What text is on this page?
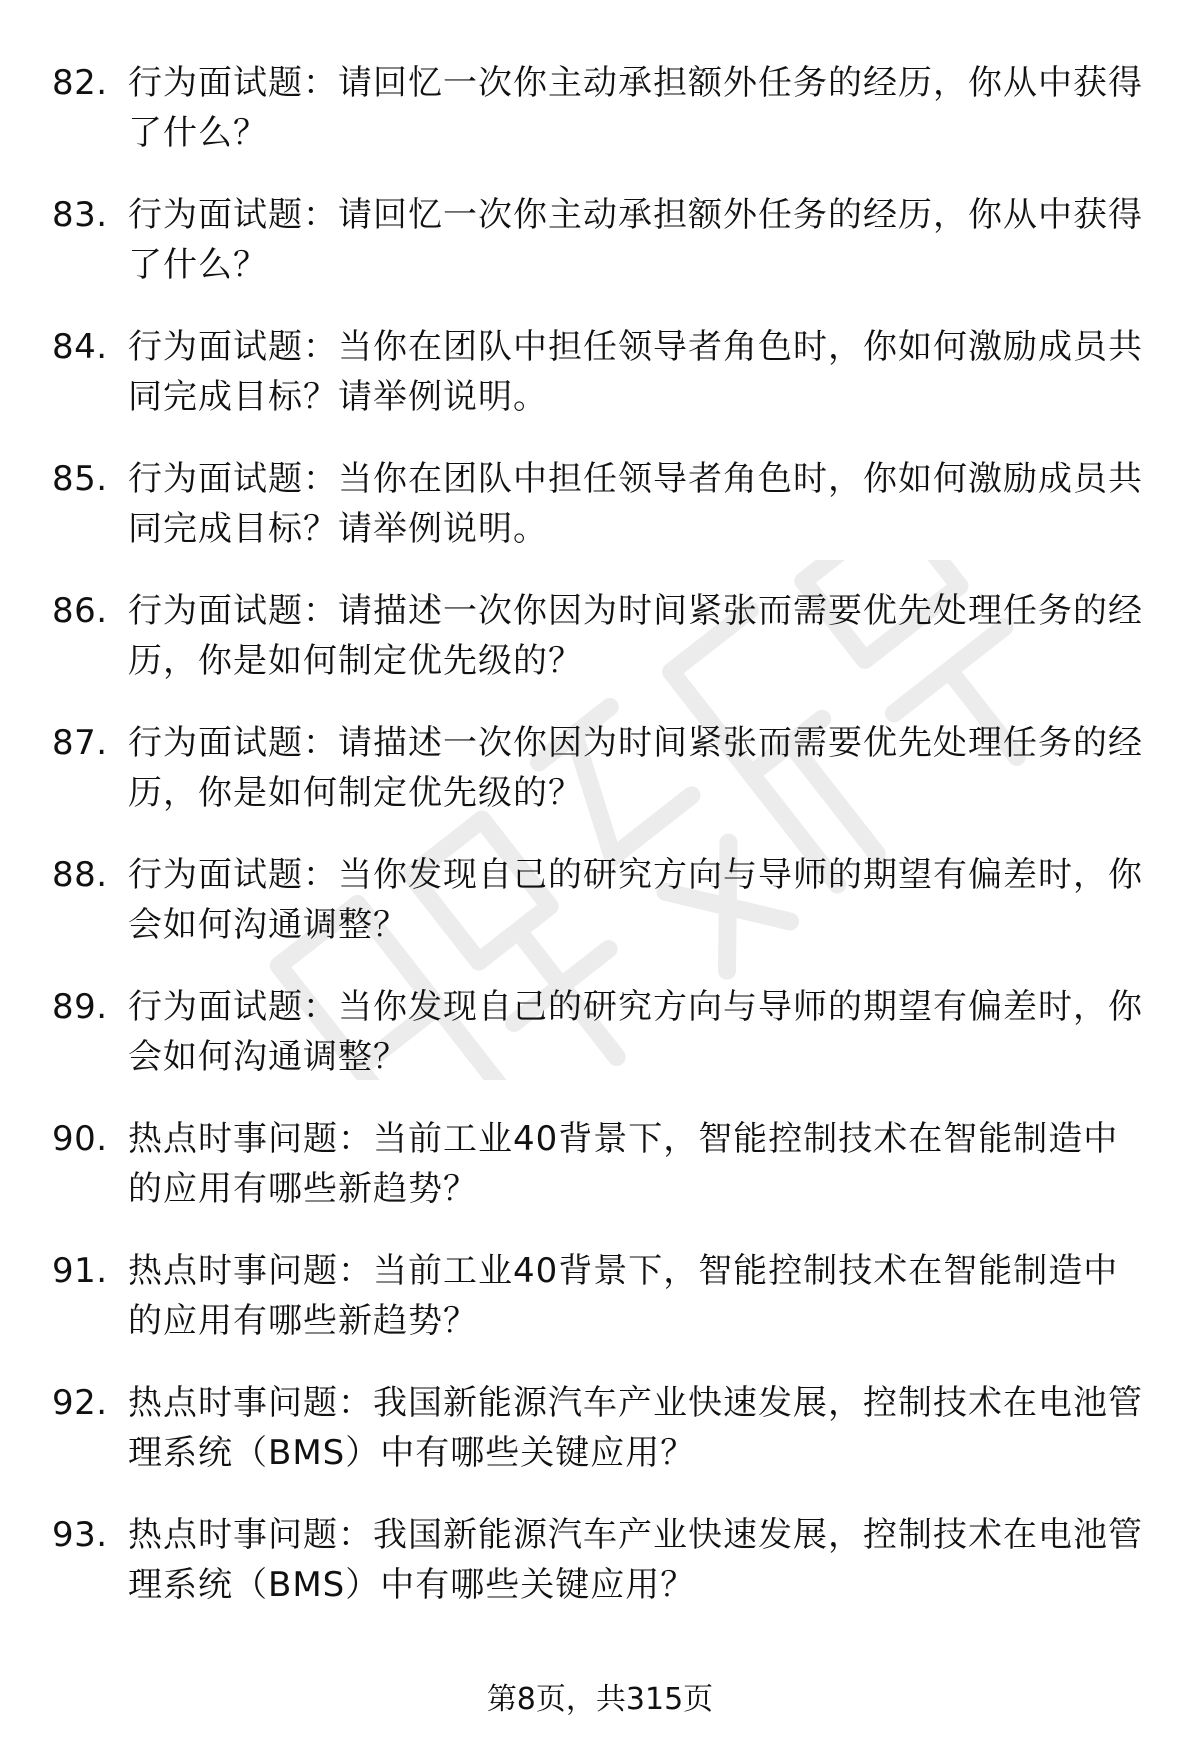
82. 行为面试题：请回忆一次你主动承担额外任务的经历，你从中获得了什么？
83. 行为面试题：请回忆一次你主动承担额外任务的经历，你从中获得了什么？
84. 行为面试题：当你在团队中担任领导者角色时，你如何激励成员共同完成目标？请举例说明。
85. 行为面试题：当你在团队中担任领导者角色时，你如何激励成员共同完成目标？请举例说明。
86. 行为面试题：请描述一次你因为时间紧张而需要优先处理任务的经历，你是如何制定优先级的？
87. 行为面试题：请描述一次你因为时间紧张而需要优先处理任务的经历，你是如何制定优先级的？
88. 行为面试题：当你发现自己的研究方向与导师的期望有偏差时，你会如何沟通调整？
89. 行为面试题：当你发现自己的研究方向与导师的期望有偏差时，你会如何沟通调整？
90. 热点时事问题：当前工业40背景下，智能控制技术在智能制造中的应用有哪些新趋势？
91. 热点时事问题：当前工业40背景下，智能控制技术在智能制造中的应用有哪些新趋势？
92. 热点时事问题：我国新能源汽车产业快速发展，控制技术在电池管理系统（BMS）中有哪些关键应用？
93. 热点时事问题：我国新能源汽车产业快速发展，控制技术在电池管理系统（BMS）中有哪些关键应用？
第8页，共315页
